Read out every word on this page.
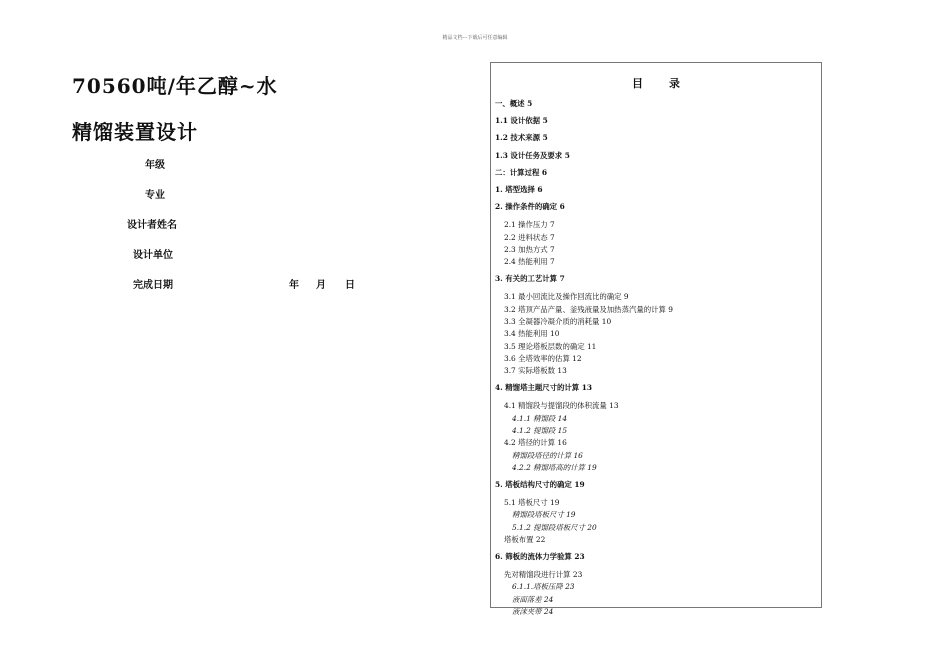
精品文档---下载后可任意编辑
70560吨/年乙醇~水
精馏装置设计
年级
专业
设计者姓名
设计单位
完成日期	年 月 日
目录
一、概述 5
1.1 设计依据 5
1.2 技术来源 5
1.3 设计任务及要求 5
二：计算过程 6
1. 塔型选择 6
2. 操作条件的确定 6
2.1 操作压力 7
2.2 进料状态 7
2.3 加热方式 7
2.4 热能利用 7
3. 有关的工艺计算 7
3.1 最小回流比及操作回流比的确定 9
3.2 塔顶产品产量、釜残液量及加热蒸汽量的计算 9
3.3 全凝器冷凝介质的消耗量 10
3.4 热能利用 10
3.5 理论塔板层数的确定 11
3.6 全塔效率的估算 12
3.7 实际塔板数 13
4. 精馏塔主题尺寸的计算 13
4.1 精馏段与提馏段的体积流量 13
4.1.1 精馏段 14
4.1.2 提馏段 15
4.2 塔径的计算 16
精馏段塔径的计算 16
4.2.2 精馏塔高的计算 19
5. 塔板结构尺寸的确定 19
5.1 塔板尺寸 19
精馏段塔板尺寸 19
5.1.2 提馏段塔板尺寸 20
塔板布置 22
6. 筛板的流体力学验算 23
先对精馏段进行计算 23
6.1.1.塔板压降 23
液面落差 24
液沫夹带 24
